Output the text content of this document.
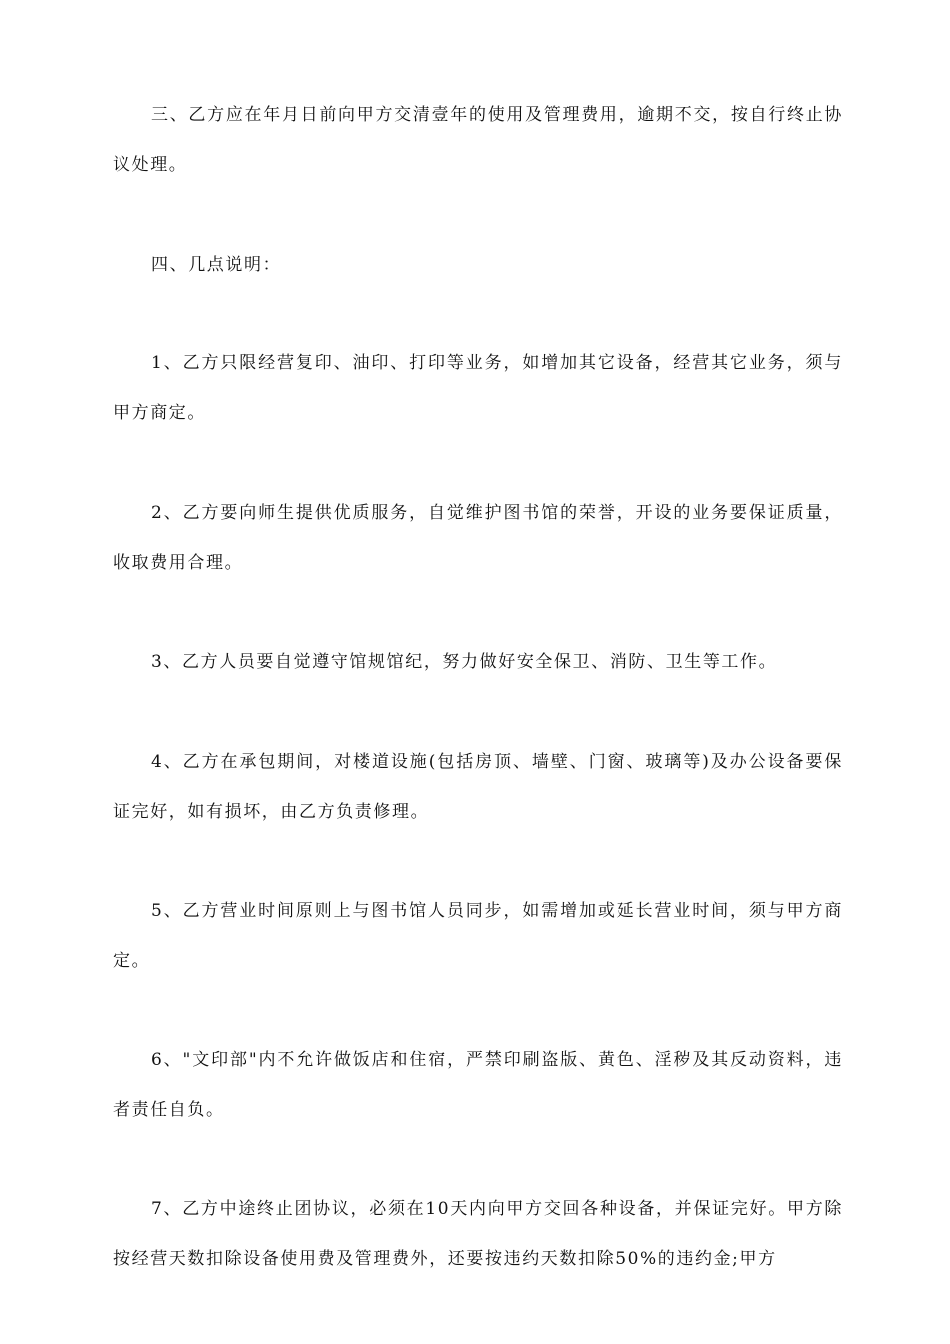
三、乙方应在年月日前向甲方交清壹年的使用及管理费用，逾期不交，按自行终止协议处理。

四、几点说明：

1、乙方只限经营复印、油印、打印等业务，如增加其它设备，经营其它业务，须与甲方商定。

2、乙方要向师生提供优质服务，自觉维护图书馆的荣誉，开设的业务要保证质量，收取费用合理。

3、乙方人员要自觉遵守馆规馆纪，努力做好安全保卫、消防、卫生等工作。

4、乙方在承包期间，对楼道设施(包括房顶、墙壁、门窗、玻璃等)及办公设备要保证完好，如有损坏，由乙方负责修理。

5、乙方营业时间原则上与图书馆人员同步，如需增加或延长营业时间，须与甲方商定。

6、"文印部"内不允许做饭店和住宿，严禁印刷盗版、黄色、淫秽及其反动资料，违者责任自负。

7、乙方中途终止团协议，必须在10天内向甲方交回各种设备，并保证完好。甲方除按经营天数扣除设备使用费及管理费外，还要按违约天数扣除50%的违约金;甲方
